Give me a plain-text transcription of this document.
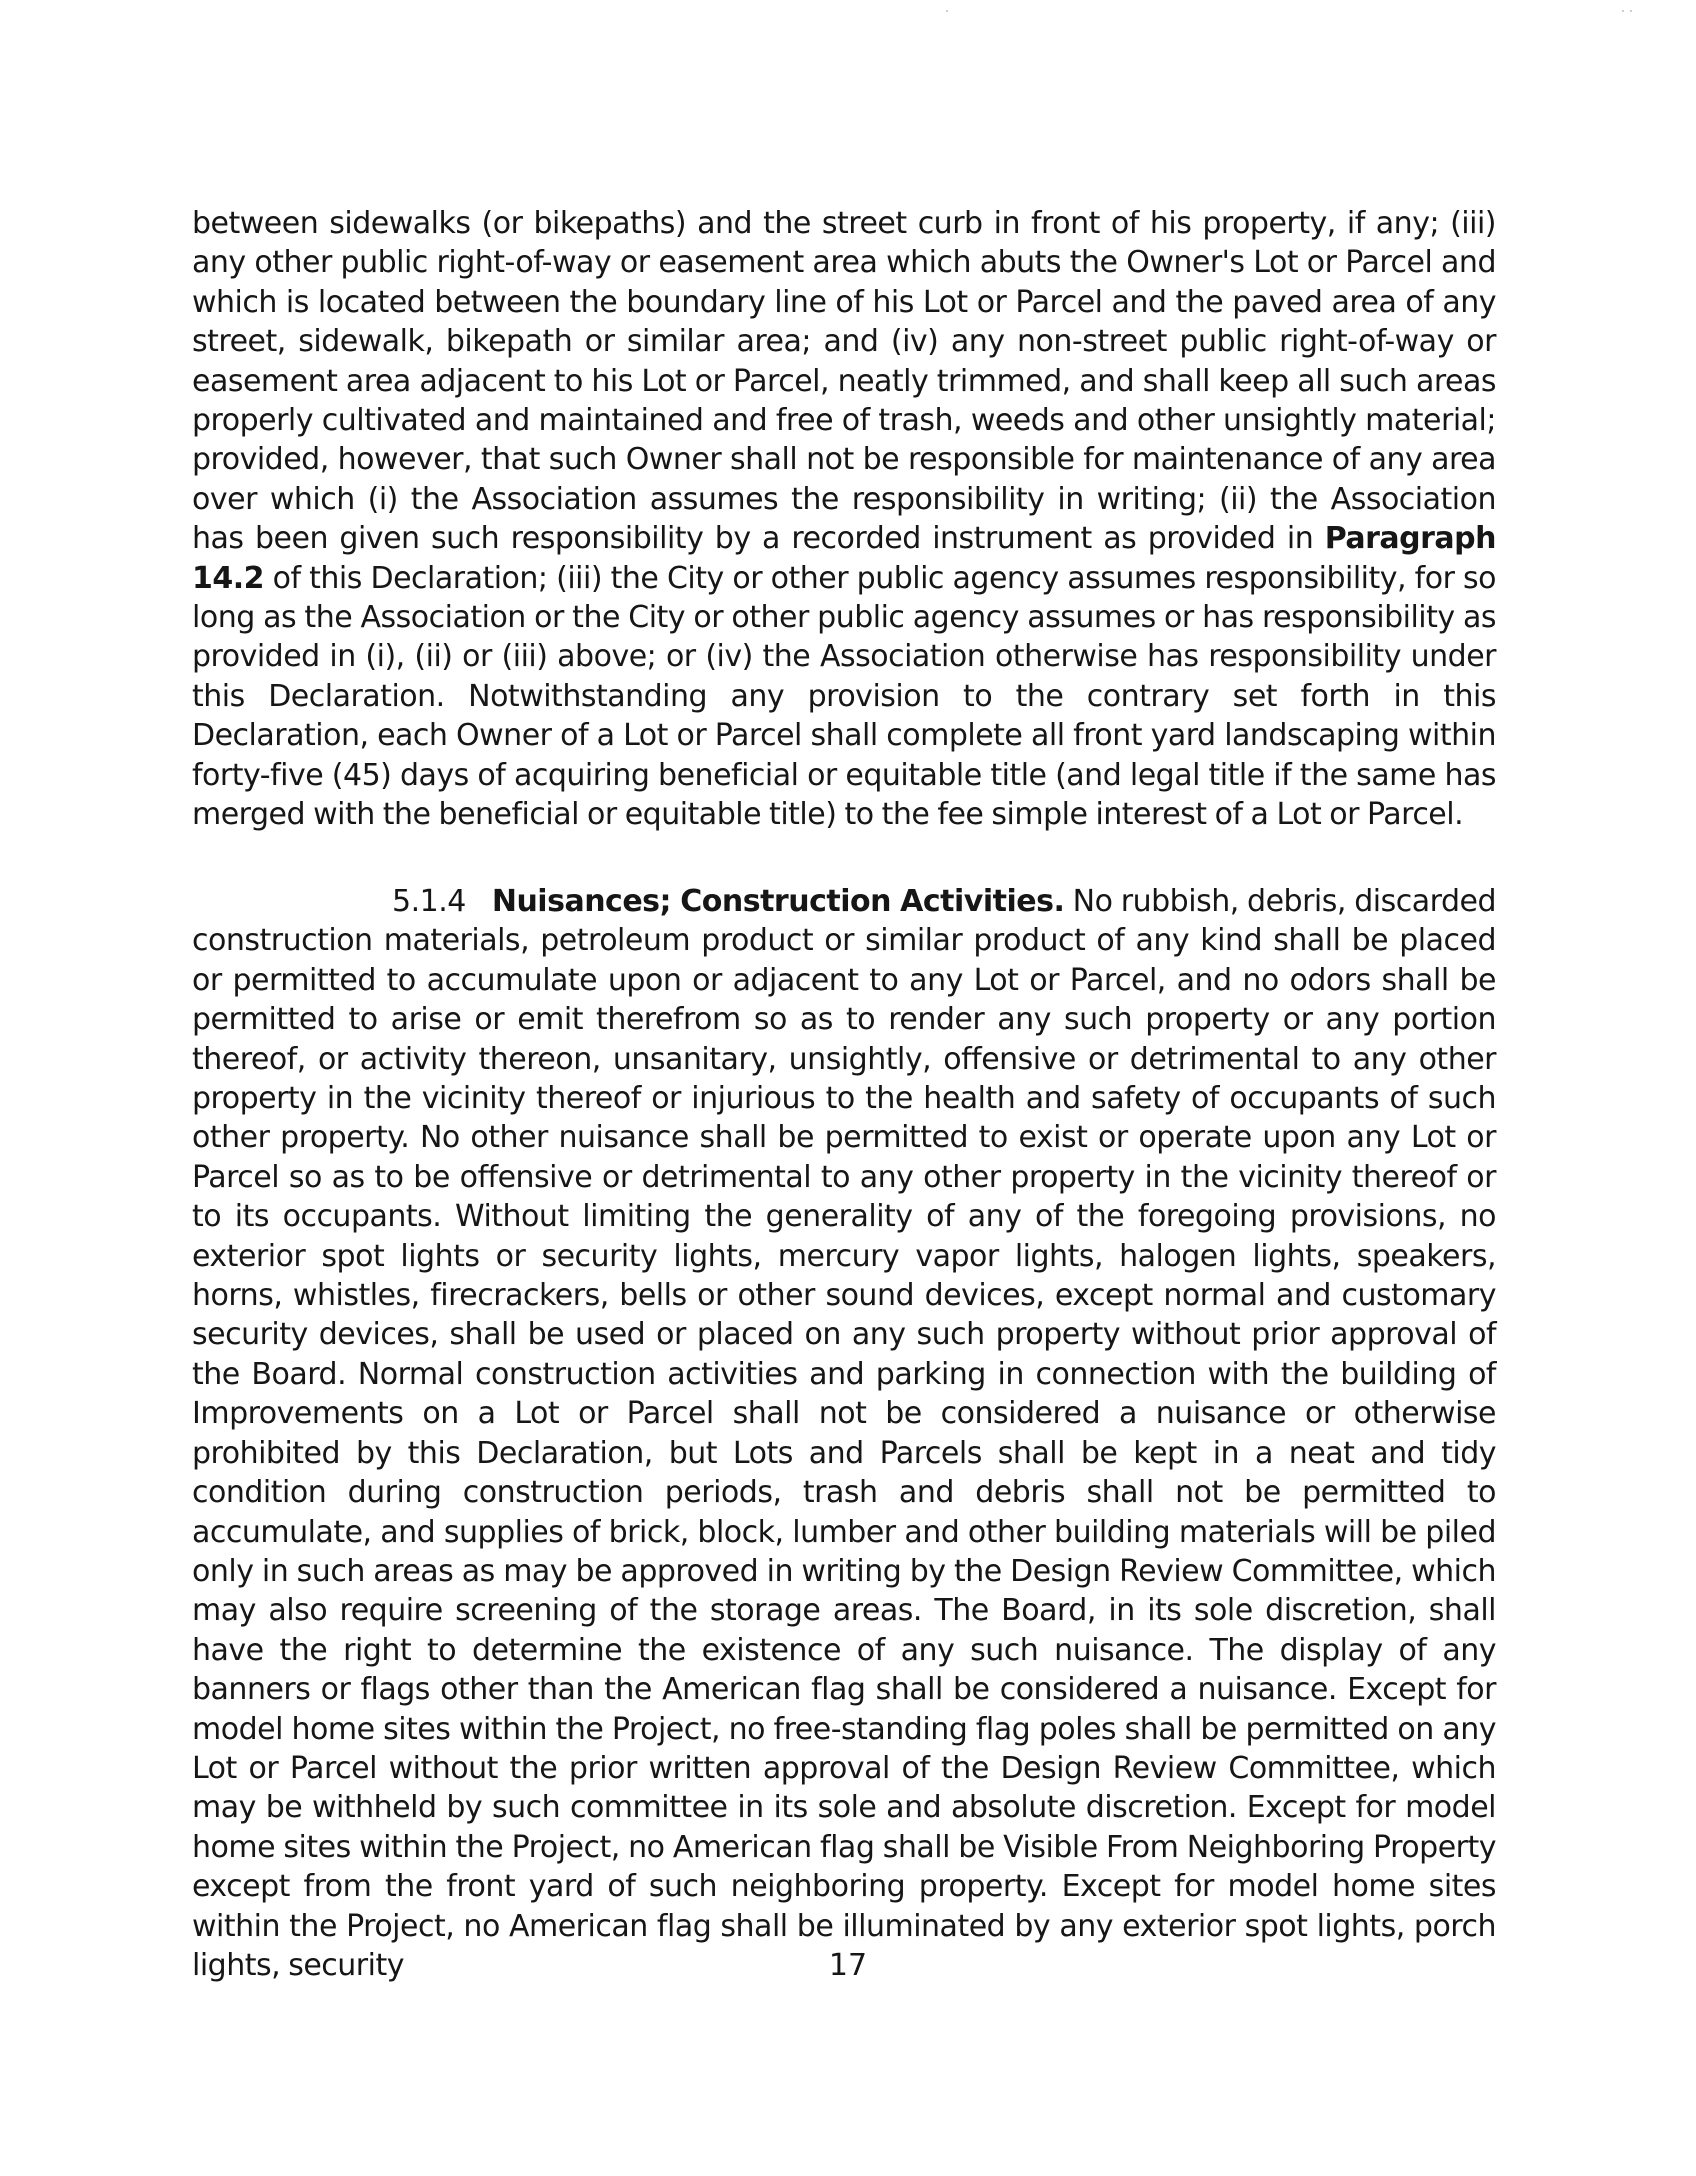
between sidewalks (or bikepaths) and the street curb in front of his property, if any; (iii) any other public right-of-way or easement area which abuts the Owner's Lot or Parcel and which is located between the boundary line of his Lot or Parcel and the paved area of any street, sidewalk, bikepath or similar area; and (iv) any non-street public right-of-way or easement area adjacent to his Lot or Parcel, neatly trimmed, and shall keep all such areas properly cultivated and maintained and free of trash, weeds and other unsightly material; provided, however, that such Owner shall not be responsible for maintenance of any area over which (i) the Association assumes the responsibility in writing; (ii) the Association has been given such responsibility by a recorded instrument as provided in Paragraph 14.2 of this Declaration; (iii) the City or other public agency assumes responsibility, for so long as the Association or the City or other public agency assumes or has responsibility as provided in (i), (ii) or (iii) above; or (iv) the Association otherwise has responsibility under this Declaration. Notwithstanding any provision to the contrary set forth in this Declaration, each Owner of a Lot or Parcel shall complete all front yard landscaping within forty-five (45) days of acquiring beneficial or equitable title (and legal title if the same has merged with the beneficial or equitable title) to the fee simple interest of a Lot or Parcel.

5.1.4 Nuisances; Construction Activities. No rubbish, debris, discarded construction materials, petroleum product or similar product of any kind shall be placed or permitted to accumulate upon or adjacent to any Lot or Parcel, and no odors shall be permitted to arise or emit therefrom so as to render any such property or any portion thereof, or activity thereon, unsanitary, unsightly, offensive or detrimental to any other property in the vicinity thereof or injurious to the health and safety of occupants of such other property. No other nuisance shall be permitted to exist or operate upon any Lot or Parcel so as to be offensive or detrimental to any other property in the vicinity thereof or to its occupants. Without limiting the generality of any of the foregoing provisions, no exterior spot lights or security lights, mercury vapor lights, halogen lights, speakers, horns, whistles, firecrackers, bells or other sound devices, except normal and customary security devices, shall be used or placed on any such property without prior approval of the Board. Normal construction activities and parking in connection with the building of Improvements on a Lot or Parcel shall not be considered a nuisance or otherwise prohibited by this Declaration, but Lots and Parcels shall be kept in a neat and tidy condition during construction periods, trash and debris shall not be permitted to accumulate, and supplies of brick, block, lumber and other building materials will be piled only in such areas as may be approved in writing by the Design Review Committee, which may also require screening of the storage areas. The Board, in its sole discretion, shall have the right to determine the existence of any such nuisance. The display of any banners or flags other than the American flag shall be considered a nuisance. Except for model home sites within the Project, no free-standing flag poles shall be permitted on any Lot or Parcel without the prior written approval of the Design Review Committee, which may be withheld by such committee in its sole and absolute discretion. Except for model home sites within the Project, no American flag shall be Visible From Neighboring Property except from the front yard of such neighboring property. Except for model home sites within the Project, no American flag shall be illuminated by any exterior spot lights, porch lights, security	17
